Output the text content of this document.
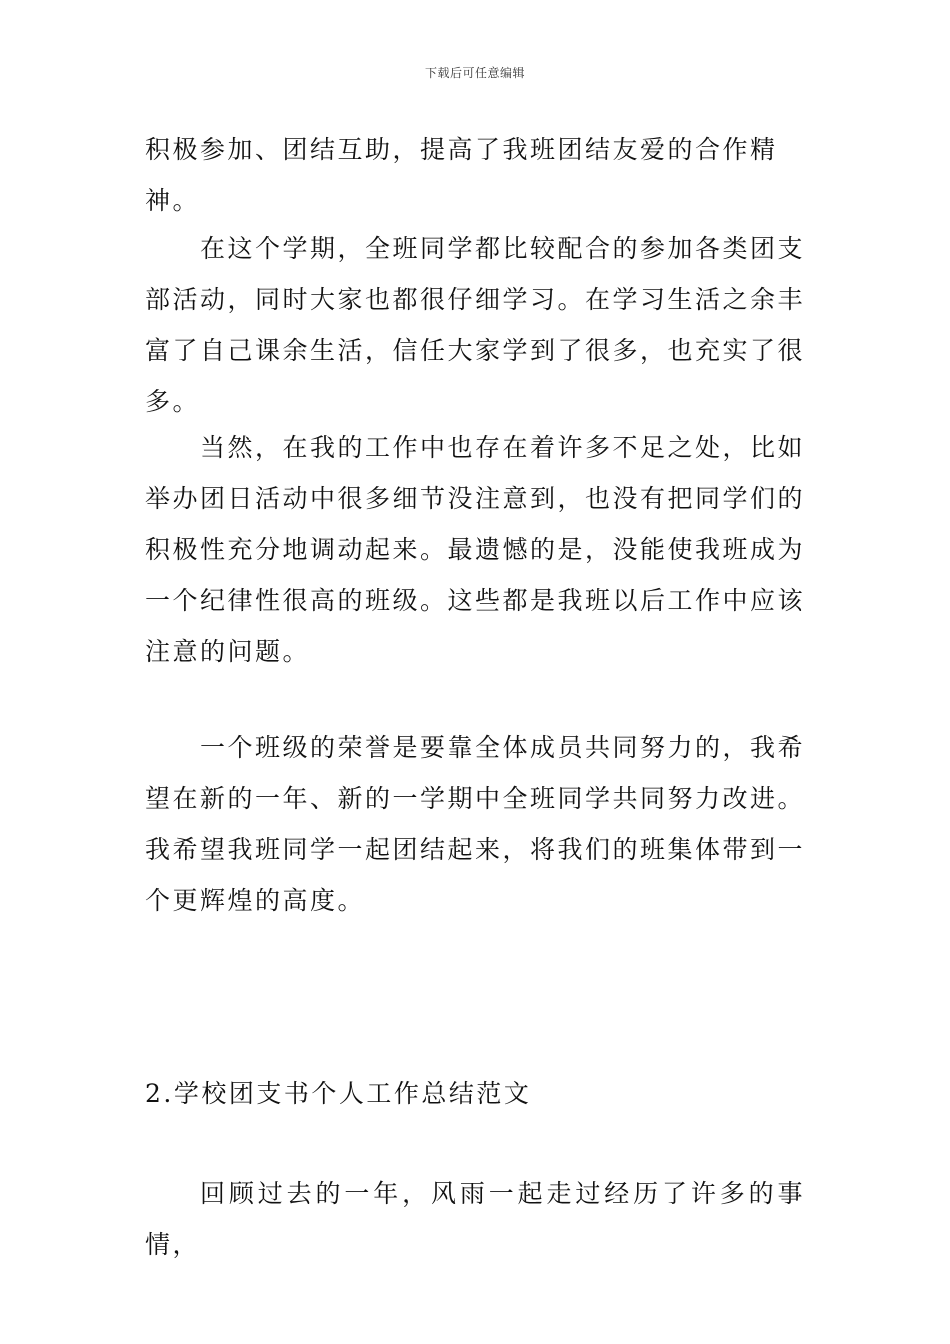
下载后可任意编辑

积极参加、团结互助，提高了我班团结友爱的合作精神。

在这个学期，全班同学都比较配合的参加各类团支部活动，同时大家也都很仔细学习。在学习生活之余丰富了自己课余生活，信任大家学到了很多，也充实了很多。

当然，在我的工作中也存在着许多不足之处，比如举办团日活动中很多细节没注意到，也没有把同学们的积极性充分地调动起来。最遗憾的是，没能使我班成为一个纪律性很高的班级。这些都是我班以后工作中应该注意的问题。

一个班级的荣誉是要靠全体成员共同努力的，我希望在新的一年、新的一学期中全班同学共同努力改进。我希望我班同学一起团结起来，将我们的班集体带到一个更辉煌的高度。

2.学校团支书个人工作总结范文

回顾过去的一年，风雨一起走过经历了许多的事情，
